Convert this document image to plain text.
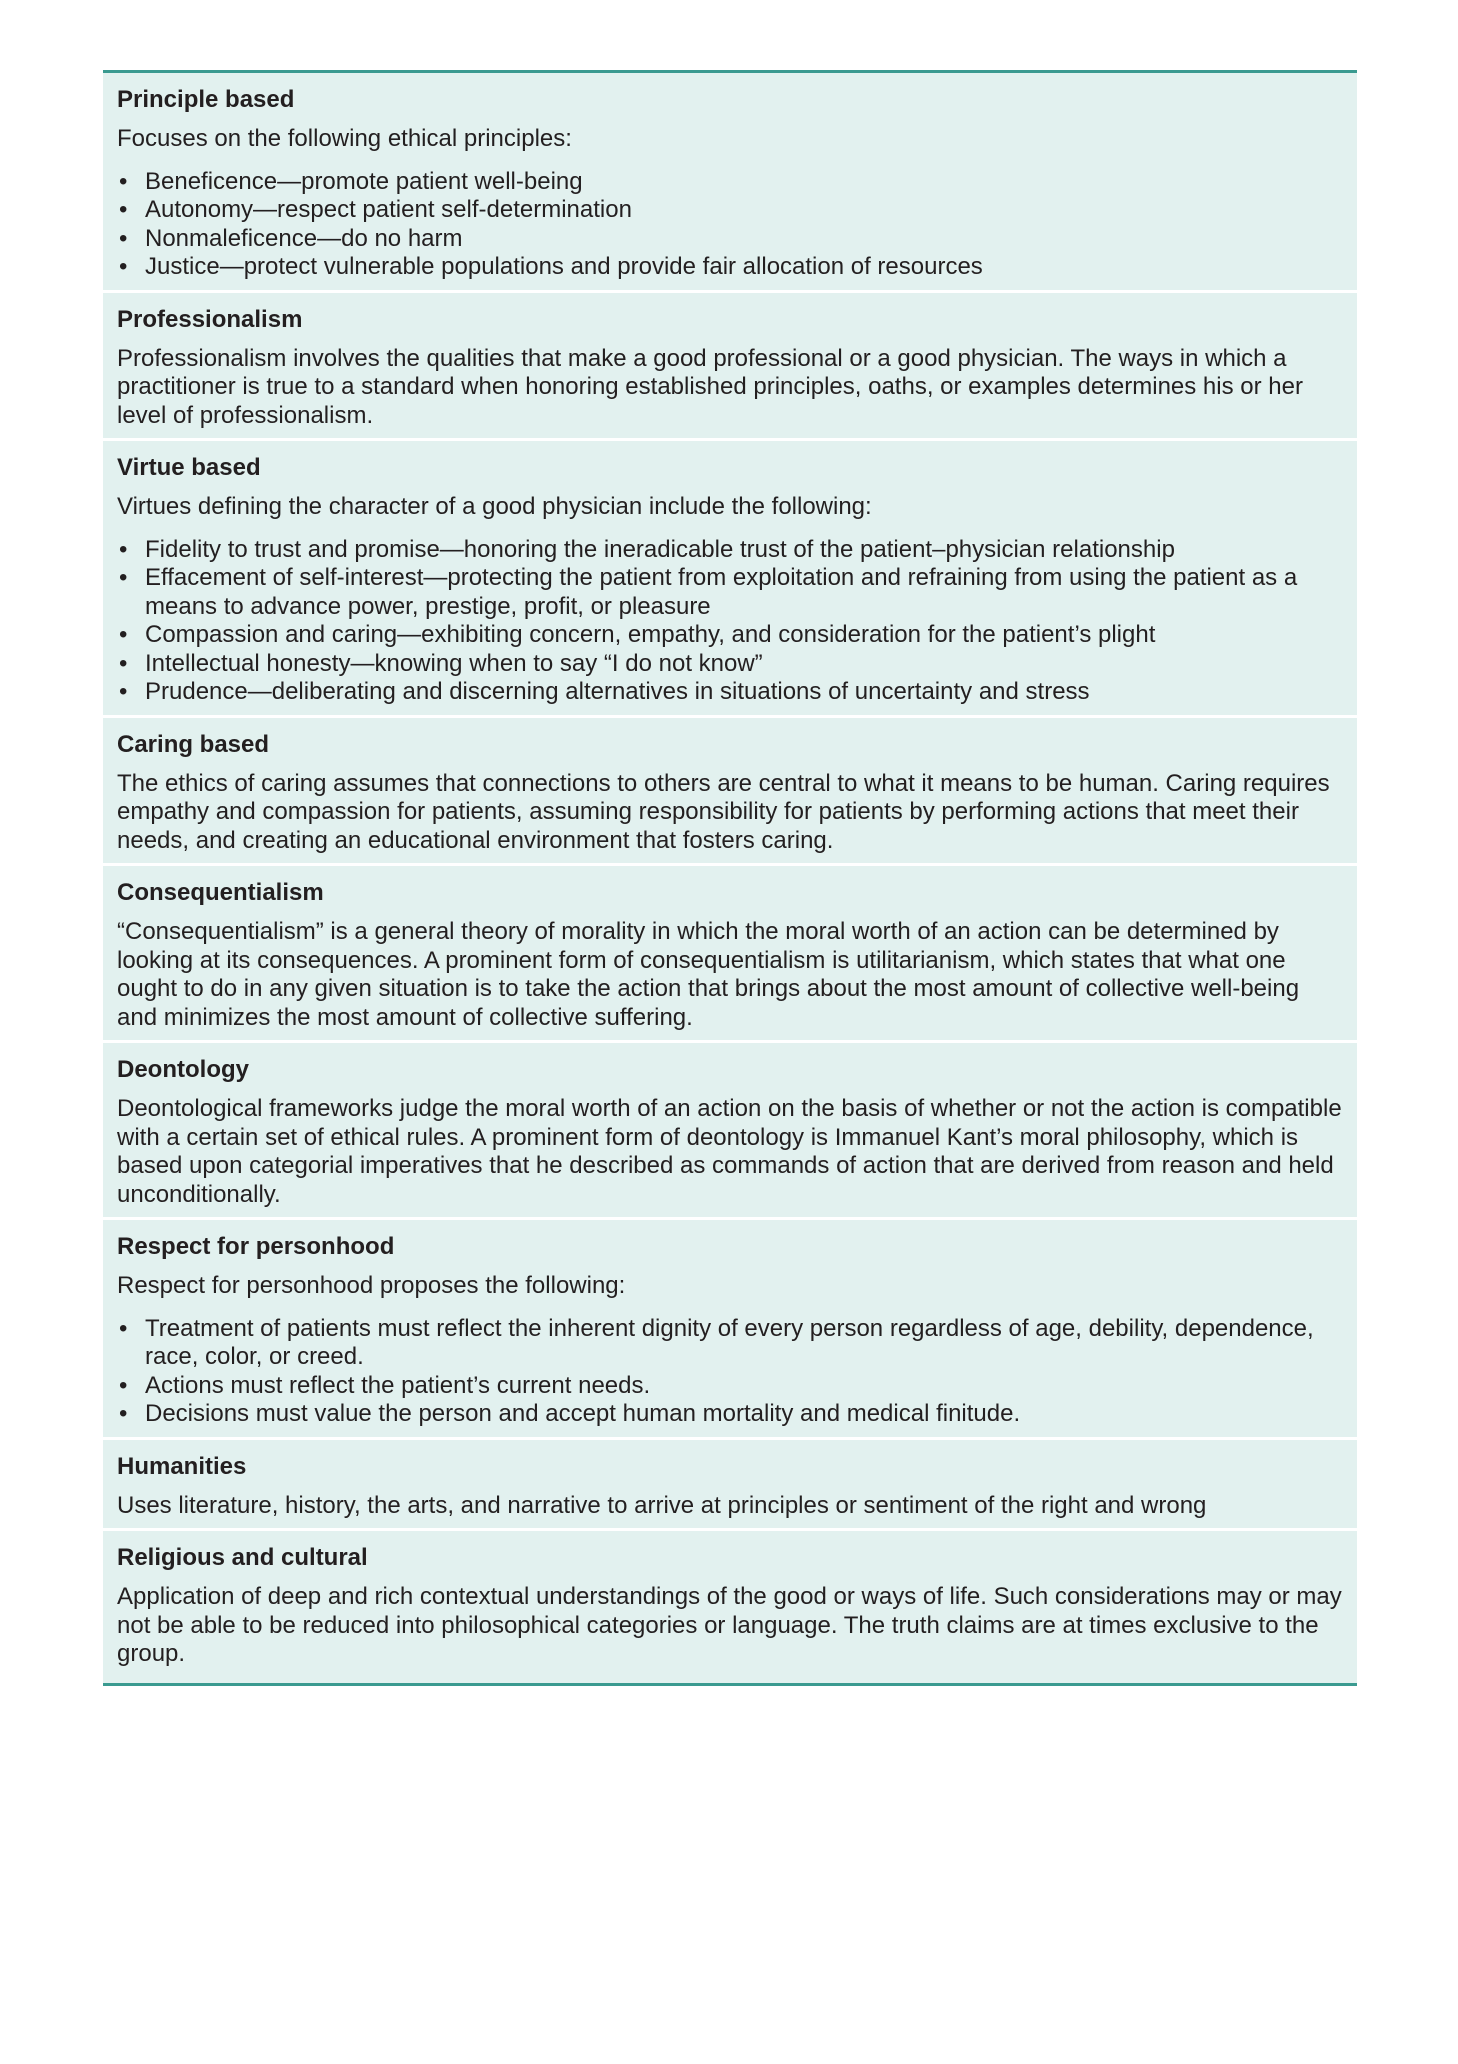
Principle based

Focuses on the following ethical principles:

• Beneficence—promote patient well-being
• Autonomy—respect patient self-determination
• Nonmaleficence—do no harm
• Justice—protect vulnerable populations and provide fair allocation of resources
Professionalism

Professionalism involves the qualities that make a good professional or a good physician. The ways in which a practitioner is true to a standard when honoring established principles, oaths, or examples determines his or her level of professionalism.

Virtue based

Virtues defining the character of a good physician include the following:

• Fidelity to trust and promise—honoring the ineradicable trust of the patient–physician relationship
• Effacement of self-interest—protecting the patient from exploitation and refraining from using the patient as a means to advance power, prestige, profit, or pleasure
• Compassion and caring—exhibiting concern, empathy, and consideration for the patient’s plight
• Intellectual honesty—knowing when to say “I do not know”
• Prudence—deliberating and discerning alternatives in situations of uncertainty and stress
Caring based

The ethics of caring assumes that connections to others are central to what it means to be human. Caring requires empathy and compassion for patients, assuming responsibility for patients by performing actions that meet their needs, and creating an educational environment that fosters caring.

Consequentialism

“Consequentialism” is a general theory of morality in which the moral worth of an action can be determined by looking at its consequences. A prominent form of consequentialism is utilitarianism, which states that what one ought to do in any given situation is to take the action that brings about the most amount of collective well-being and minimizes the most amount of collective suffering.

Deontology

Deontological frameworks judge the moral worth of an action on the basis of whether or not the action is compatible with a certain set of ethical rules. A prominent form of deontology is Immanuel Kant’s moral philosophy, which is based upon categorial imperatives that he described as commands of action that are derived from reason and held unconditionally.

Respect for personhood

Respect for personhood proposes the following:

• Treatment of patients must reflect the inherent dignity of every person regardless of age, debility, dependence, race, color, or creed.
• Actions must reflect the patient’s current needs.
• Decisions must value the person and accept human mortality and medical finitude.
Humanities

Uses literature, history, the arts, and narrative to arrive at principles or sentiment of the right and wrong

Religious and cultural

Application of deep and rich contextual understandings of the good or ways of life. Such considerations may or may not be able to be reduced into philosophical categories or language. The truth claims are at times exclusive to the group.
